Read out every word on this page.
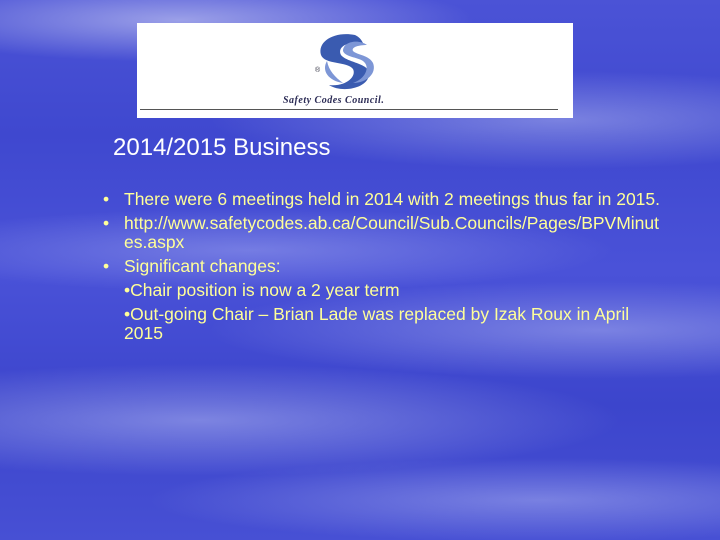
®
Safety Codes Council.
2014/2015 Business
• There were 6 meetings held in 2014 with 2 meetings thus far in 2015.
• http://www.safetycodes.ab.ca/Council/Sub.Councils/Pages/BPVMinutes.aspx
• Significant changes:
•Chair position is now a 2 year term
•Out-going Chair – Brian Lade was replaced by Izak Roux in April 2015
